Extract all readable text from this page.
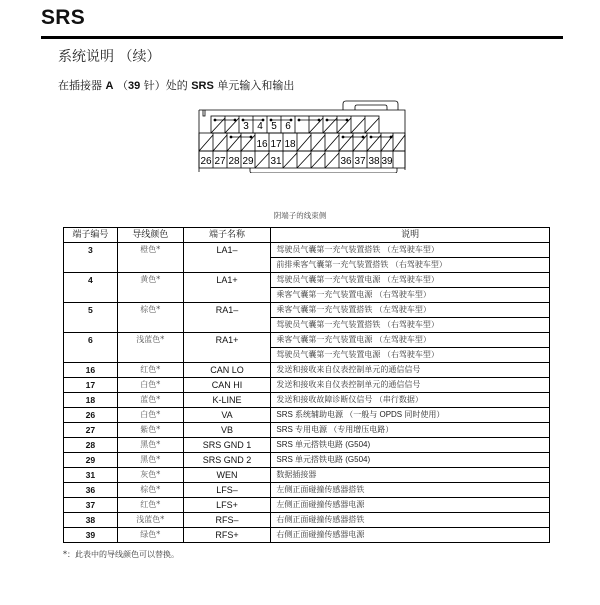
SRS
系统说明 （续）
在插接器 A （39 针）处的 SRS 单元输入和输出
3 4 5 6
16 17 18
26 27 28 29 31	36 37 38 39
阴端子的线束侧
端子编号	导线颜色	端子名称	说明
3	橙色*	LA1–	驾驶员气囊第一充气装置搭铁 （左驾驶车型）
			前排乘客气囊第一充气装置搭铁 （右驾驶车型）
4	黄色*	LA1+	驾驶员气囊第一充气装置电源 （左驾驶车型）
			乘客气囊第一充气装置电源 （右驾驶车型）
5	棕色*	RA1–	乘客气囊第一充气装置搭铁 （左驾驶车型）
			驾驶员气囊第一充气装置搭铁 （右驾驶车型）
6	浅蓝色*	RA1+	乘客气囊第一充气装置电源 （左驾驶车型）
			驾驶员气囊第一充气装置电源 （右驾驶车型）
16	红色*	CAN LO	发送和接收来自仪表控制单元的通信信号
17	白色*	CAN HI	发送和接收来自仪表控制单元的通信信号
18	蓝色*	K-LINE	发送和接收故障诊断仪信号 （串行数据）
26	白色*	VA	SRS 系统辅助电源 （一般与 OPDS 同时使用）
27	紫色*	VB	SRS 专用电源 （专用增压电路）
28	黑色*	SRS GND 1	SRS 单元搭铁电路 (G504)
29	黑色*	SRS GND 2	SRS 单元搭铁电路 (G504)
31	灰色*	WEN	数据插接器
36	棕色*	LFS–	左侧正面碰撞传感器搭铁
37	红色*	LFS+	左侧正面碰撞传感器电源
38	浅蓝色*	RFS–	右侧正面碰撞传感器搭铁
39	绿色*	RFS+	右侧正面碰撞传感器电源
*：此表中的导线颜色可以替换。
